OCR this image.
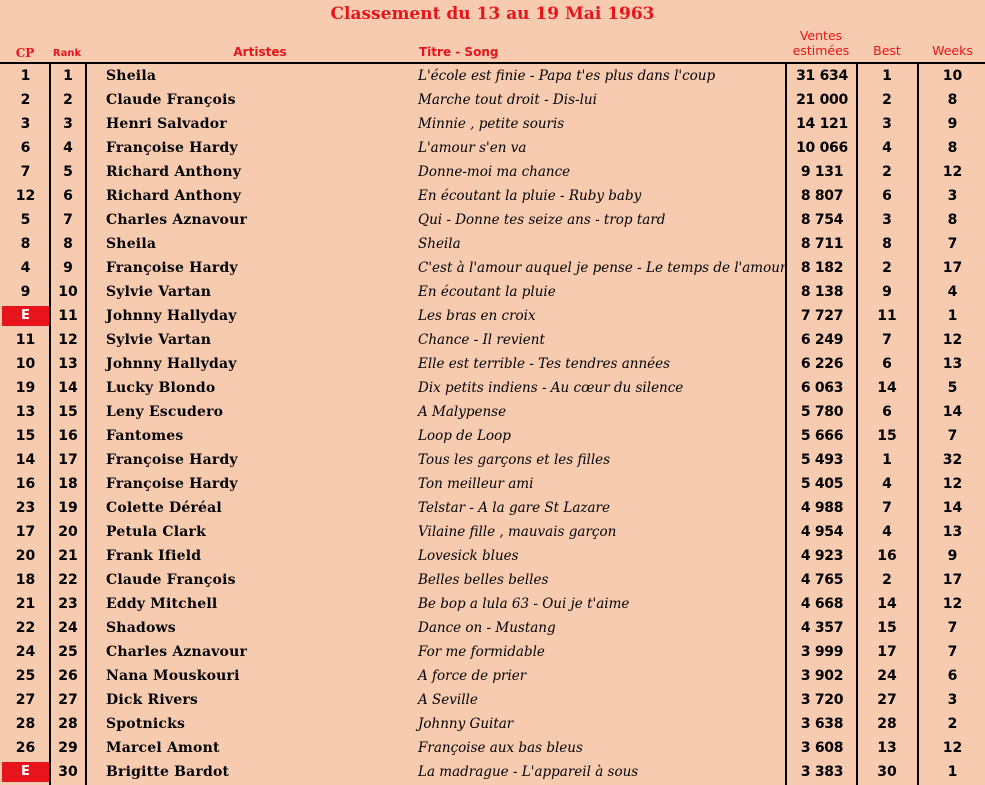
Classement du 13 au 19 Mai 1963
CP	Rank	Artistes	Titre - Song
Ventes
estimées	Best	Weeks
1	1	Sheila	L'école est finie - Papa t'es plus dans l'coup	31 634	1	10
2	2	Claude François	Marche tout droit - Dis-lui	21 000	2	8
3	3	Henri Salvador	Minnie , petite souris	14 121	3	9
6	4	Françoise Hardy	L'amour s'en va	10 066	4	8
7	5	Richard Anthony	Donne-moi ma chance	9 131	2	12
12	6	Richard Anthony	En écoutant la pluie - Ruby baby	8 807	6	3
5	7	Charles Aznavour	Qui - Donne tes seize ans - trop tard	8 754	3	8
8	8	Sheila	Sheila	8 711	8	7
4	9	Françoise Hardy	C'est à l'amour auquel je pense - Le temps de l'amour	8 182	2	17
9	10	Sylvie Vartan	En écoutant la pluie	8 138	9	4
E	11	Johnny Hallyday	Les bras en croix	7 727	11	1
11	12	Sylvie Vartan	Chance - Il revient	6 249	7	12
10	13	Johnny Hallyday	Elle est terrible - Tes tendres années	6 226	6	13
19	14	Lucky Blondo	Dix petits indiens - Au cœur du silence	6 063	14	5
13	15	Leny Escudero	A Malypense	5 780	6	14
15	16	Fantomes	Loop de Loop	5 666	15	7
14	17	Françoise Hardy	Tous les garçons et les filles	5 493	1	32
16	18	Françoise Hardy	Ton meilleur ami	5 405	4	12
23	19	Colette Déréal	Telstar - A la gare St Lazare	4 988	7	14
17	20	Petula Clark	Vilaine fille , mauvais garçon	4 954	4	13
20	21	Frank Ifield	Lovesick blues	4 923	16	9
18	22	Claude François	Belles belles belles	4 765	2	17
21	23	Eddy Mitchell	Be bop a lula 63 - Oui je t'aime	4 668	14	12
22	24	Shadows	Dance on - Mustang	4 357	15	7
24	25	Charles Aznavour	For me formidable	3 999	17	7
25	26	Nana Mouskouri	A force de prier	3 902	24	6
27	27	Dick Rivers	A Seville	3 720	27	3
28	28	Spotnicks	Johnny Guitar	3 638	28	2
26	29	Marcel Amont	Françoise aux bas bleus	3 608	13	12
E	30	Brigitte Bardot	La madrague - L'appareil à sous	3 383	30	1
